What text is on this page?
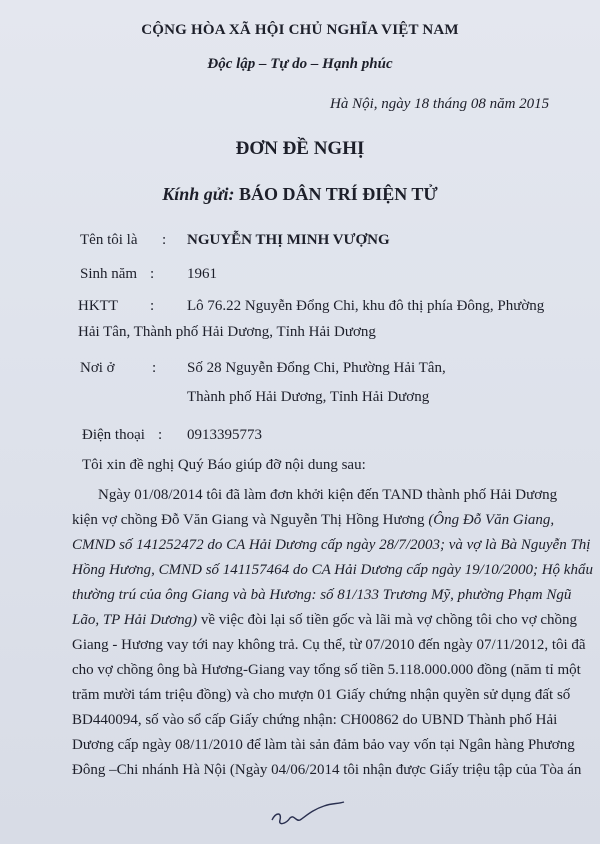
CỘNG HÒA XÃ HỘI CHỦ NGHĨA VIỆT NAM
Độc lập – Tự do – Hạnh phúc
Hà Nội, ngày 18 tháng 08 năm 2015
ĐƠN ĐỀ NGHỊ
Kính gửi: BÁO DÂN TRÍ ĐIỆN TỬ
Tên tôi là : NGUYỄN THỊ MINH VƯỢNG
Sinh năm : 1961
HKTT : Lô 76.22 Nguyễn Đổng Chi, khu đô thị phía Đông, Phường
Hải Tân, Thành phố Hải Dương, Tỉnh Hải Dương
Nơi ở : Số 28 Nguyễn Đổng Chi, Phường Hải Tân,
Thành phố Hải Dương, Tỉnh Hải Dương
Điện thoại : 0913395773
Tôi xin đề nghị Quý Báo giúp đỡ nội dung sau:
Ngày 01/08/2014 tôi đã làm đơn khởi kiện đến TAND thành phố Hải Dương
kiện vợ chồng Đỗ Văn Giang và Nguyễn Thị Hồng Hương (Ông Đỗ Văn Giang,
CMND số 141252472 do CA Hải Dương cấp ngày 28/7/2003; và vợ là Bà Nguyễn Thị
Hồng Hương, CMND số 141157464 do CA Hải Dương cấp ngày 19/10/2000; Hộ khẩu
thường trú của ông Giang và bà Hương: số 81/133 Trương Mỹ, phường Phạm Ngũ
Lão, TP Hải Dương) về việc đòi lại số tiền gốc và lãi mà vợ chồng tôi cho vợ chồng
Giang - Hương vay tới nay không trả. Cụ thể, từ 07/2010 đến ngày 07/11/2012, tôi đã
cho vợ chồng ông bà Hương-Giang vay tổng số tiền 5.118.000.000 đồng (năm tỉ một
trăm mười tám triệu đồng) và cho mượn 01 Giấy chứng nhận quyền sử dụng đất số
BD440094, số vào sổ cấp Giấy chứng nhận: CH00862 do UBND Thành phố Hải
Dương cấp ngày 08/11/2010 để làm tài sản đảm bảo vay vốn tại Ngân hàng Phương
Đông –Chi nhánh Hà Nội (Ngày 04/06/2014 tôi nhận được Giấy triệu tập của Tòa án
